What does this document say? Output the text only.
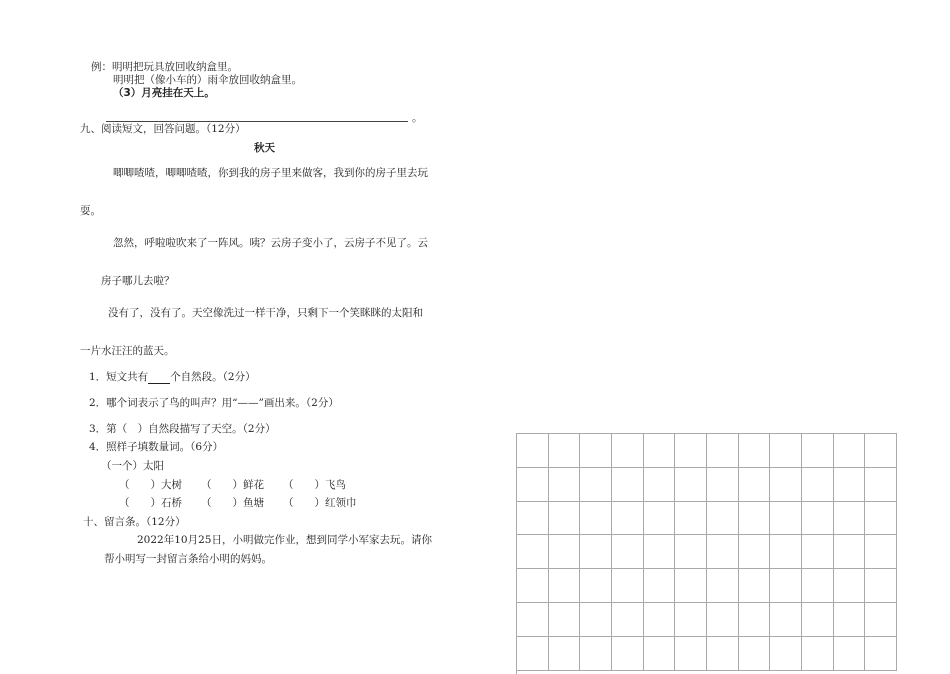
例：明明把玩具放回收纳盒里。
明明把（像小车的）雨伞放回收纳盒里。
（3）月亮挂在天上。
。
九、阅读短文，回答问题。（12分）
秋天
唧唧喳喳，唧唧喳喳，你到我的房子里来做客，我到你的房子里去玩
耍。
忽然，呼啦啦吹来了一阵风。咦？云房子变小了，云房子不见了。云
房子哪儿去啦？
没有了，没有了。天空像洗过一样干净，只剩下一个笑眯眯的太阳和
一片水汪汪的蓝天。
1．短文共有 个自然段。（2分）
2．哪个词表示了鸟的叫声？用“——”画出来。（2分）
3．第（　）自然段描写了天空。（2分）
4．照样子填数量词。（6分）
（一个）太阳
（　　）大树 （　　）鲜花 （　　）飞鸟
（　　）石桥 （　　）鱼塘 （　　）红领巾
十、留言条。（12分）
2022年10月25日，小明做完作业，想到同学小军家去玩。请你
帮小明写一封留言条给小明的妈妈。
